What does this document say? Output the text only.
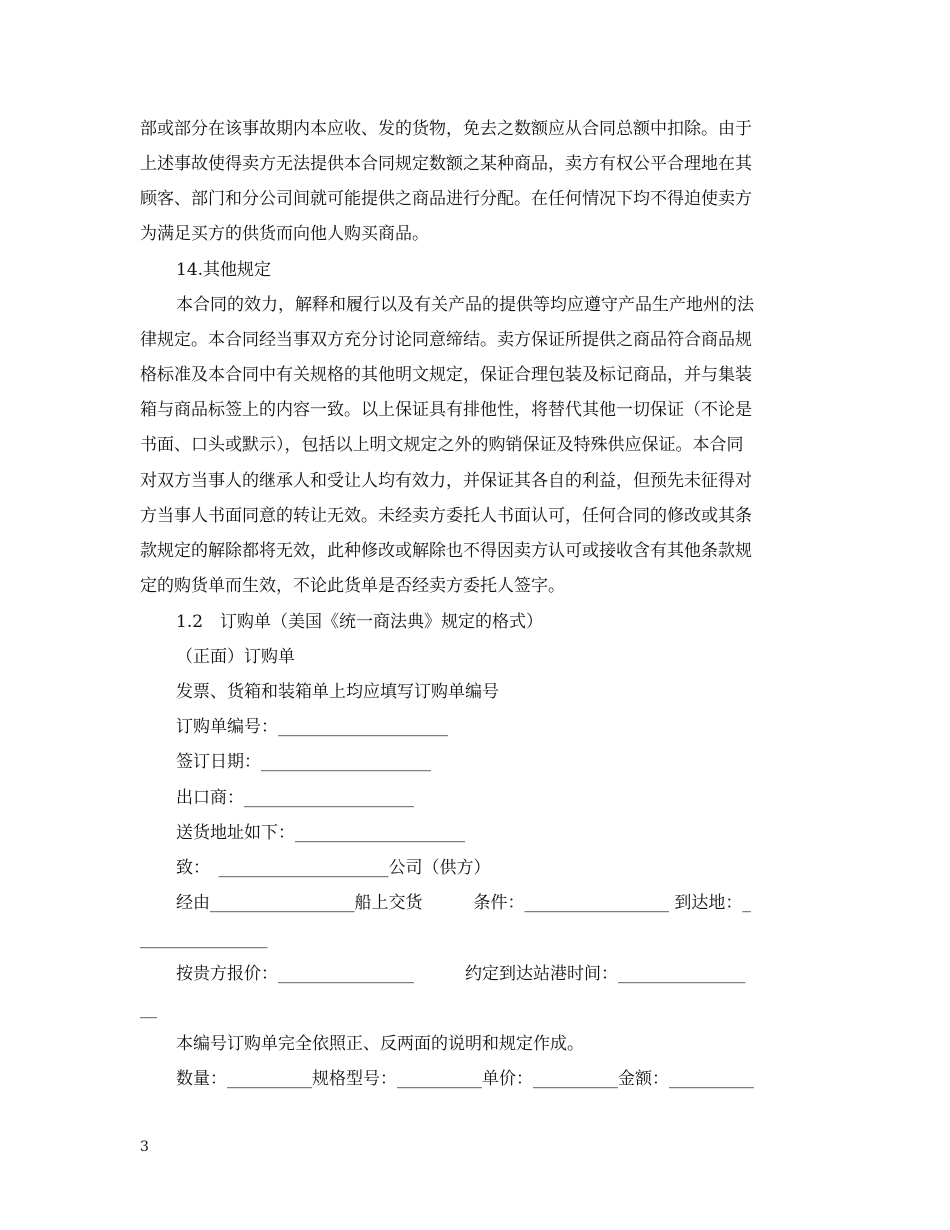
部或部分在该事故期内本应收、发的货物，免去之数额应从合同总额中扣除。由于
上述事故使得卖方无法提供本合同规定数额之某种商品，卖方有权公平合理地在其
顾客、部门和分公司间就可能提供之商品进行分配。在任何情况下均不得迫使卖方
为满足买方的供货而向他人购买商品。
14.其他规定
本合同的效力，解释和履行以及有关产品的提供等均应遵守产品生产地州的法
律规定。本合同经当事双方充分讨论同意缔结。卖方保证所提供之商品符合商品规
格标准及本合同中有关规格的其他明文规定，保证合理包装及标记商品，并与集装
箱与商品标签上的内容一致。以上保证具有排他性，将替代其他一切保证（不论是
书面、口头或默示），包括以上明文规定之外的购销保证及特殊供应保证。本合同
对双方当事人的继承人和受让人均有效力，并保证其各自的利益，但预先未征得对
方当事人书面同意的转让无效。未经卖方委托人书面认可，任何合同的修改或其条
款规定的解除都将无效，此种修改或解除也不得因卖方认可或接收含有其他条款规
定的购货单而生效，不论此货单是否经卖方委托人签字。
1.2　订购单（美国《统一商法典》规定的格式）
（正面）订购单
发票、货箱和装箱单上均应填写订购单编号
订购单编号：____________________
签订日期：____________________
出口商：____________________
送货地址如下：____________________
致：　____________________公司（供方）
经由_________________船上交货　　　条件：_________________ 到达地：_
_______________
按贵方报价：________________　　　约定到达站港时间：_______________
__
本编号订购单完全依照正、反两面的说明和规定作成。
数量：__________规格型号：__________单价：__________金额：__________
3
